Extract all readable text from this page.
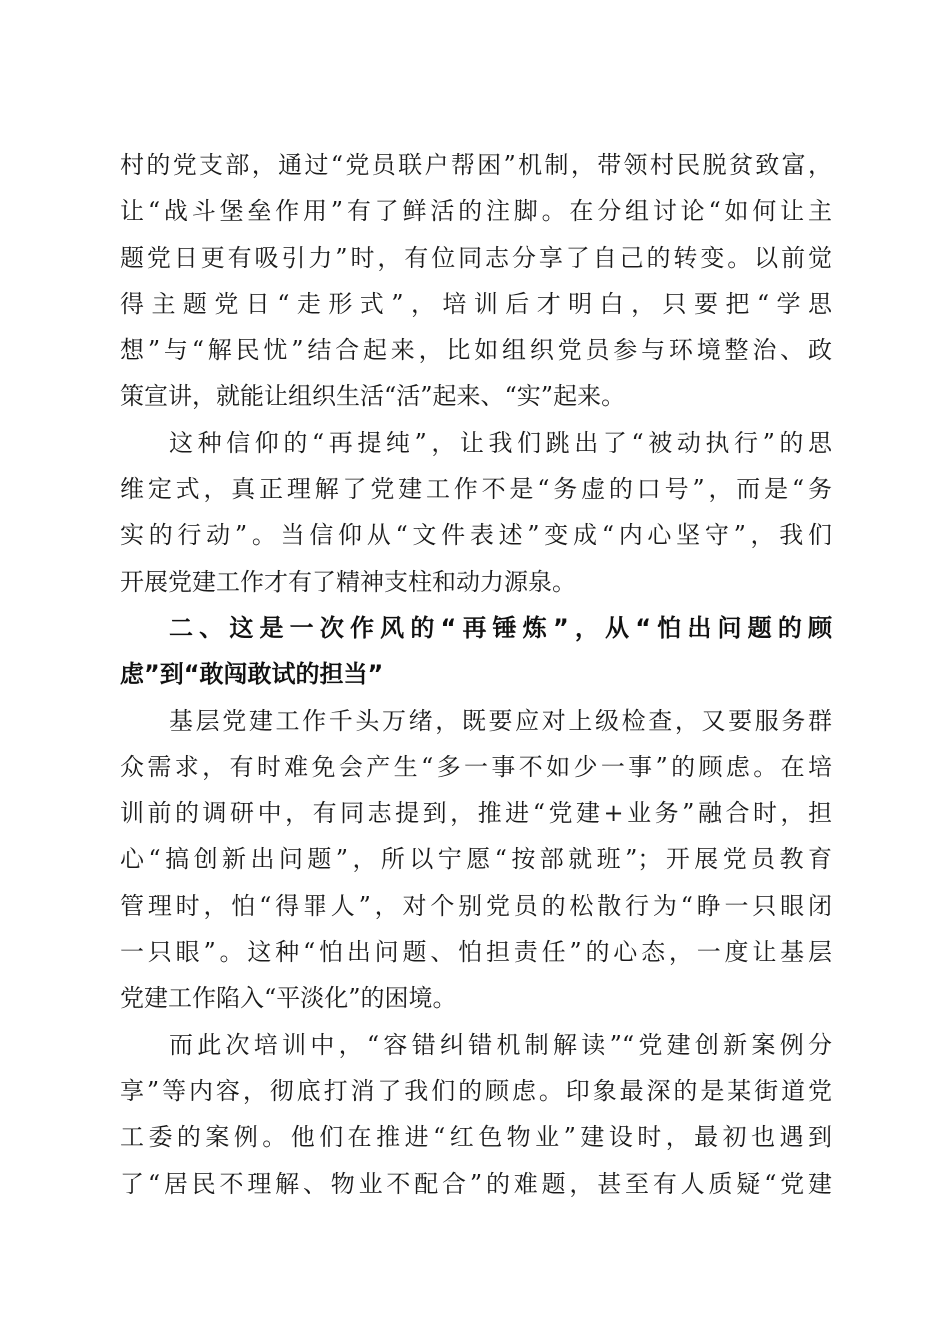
村的党支部，通过“党员联户帮困”机制，带领村民脱贫致富，
让“战斗堡垒作用”有了鲜活的注脚。在分组讨论“如何让主
题党日更有吸引力”时，有位同志分享了自己的转变。以前觉
得主题党日“走形式”，培训后才明白，只要把“学思
想”与“解民忧”结合起来，比如组织党员参与环境整治、政
策宣讲，就能让组织生活“活”起来、“实”起来。
这种信仰的“再提纯”，让我们跳出了“被动执行”的思
维定式，真正理解了党建工作不是“务虚的口号”，而是“务
实的行动”。当信仰从“文件表述”变成“内心坚守”，我们
开展党建工作才有了精神支柱和动力源泉。
二、这是一次作风的“再锤炼”，从“怕出问题的顾
虑”到“敢闯敢试的担当”
基层党建工作千头万绪，既要应对上级检查，又要服务群
众需求，有时难免会产生“多一事不如少一事”的顾虑。在培
训前的调研中，有同志提到，推进“党建+业务”融合时，担
心“搞创新出问题”，所以宁愿“按部就班”；开展党员教育
管理时，怕“得罪人”，对个别党员的松散行为“睁一只眼闭
一只眼”。这种“怕出问题、怕担责任”的心态，一度让基层
党建工作陷入“平淡化”的困境。
而此次培训中，“容错纠错机制解读”“党建创新案例分
享”等内容，彻底打消了我们的顾虑。印象最深的是某街道党
工委的案例。他们在推进“红色物业”建设时，最初也遇到
了“居民不理解、物业不配合”的难题，甚至有人质疑“党建
